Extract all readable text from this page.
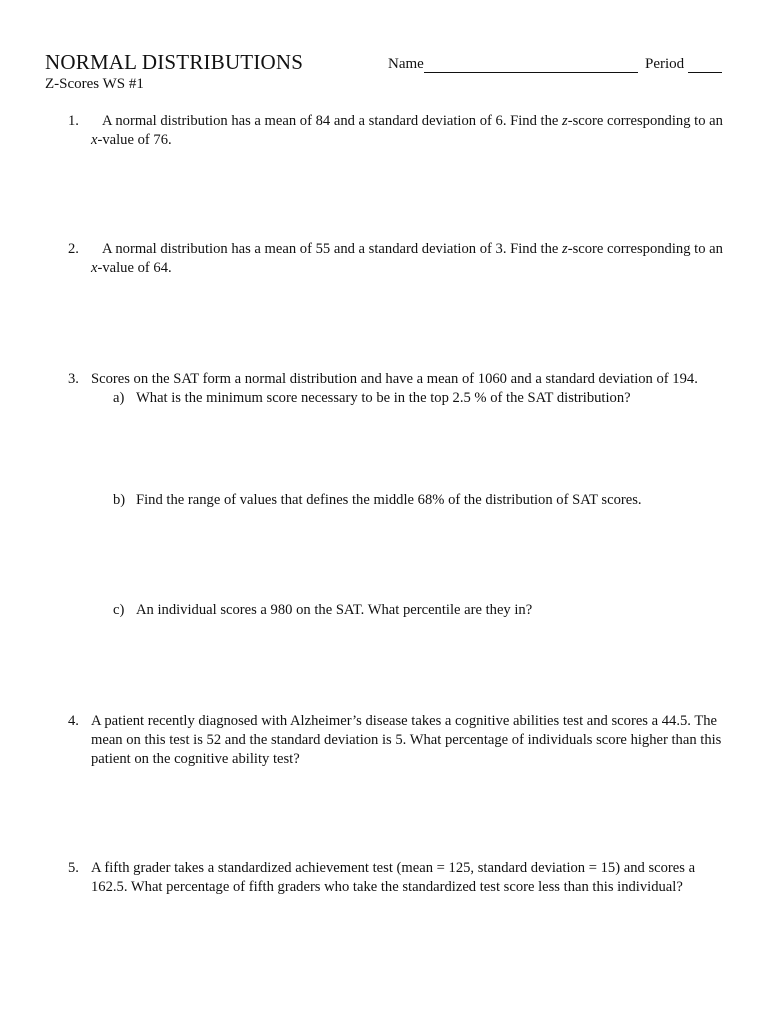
NORMAL DISTRIBUTIONS	Name	Period
Z-Scores WS #1
1.	A normal distribution has a mean of 84 and a standard deviation of 6. Find the z-score corresponding to an x-value of 76.
2.	A normal distribution has a mean of 55 and a standard deviation of 3. Find the z-score corresponding to an x-value of 64.
3. Scores on the SAT form a normal distribution and have a mean of 1060 and a standard deviation of 194.
a) What is the minimum score necessary to be in the top 2.5 % of the SAT distribution?
b) Find the range of values that defines the middle 68% of the distribution of SAT scores.
c) An individual scores a 980 on the SAT. What percentile are they in?
4. A patient recently diagnosed with Alzheimer’s disease takes a cognitive abilities test and scores a 44.5. The mean on this test is 52 and the standard deviation is 5. What percentage of individuals score higher than this patient on the cognitive ability test?
5. A fifth grader takes a standardized achievement test (mean = 125, standard deviation = 15) and scores a 162.5. What percentage of fifth graders who take the standardized test score less than this individual?
